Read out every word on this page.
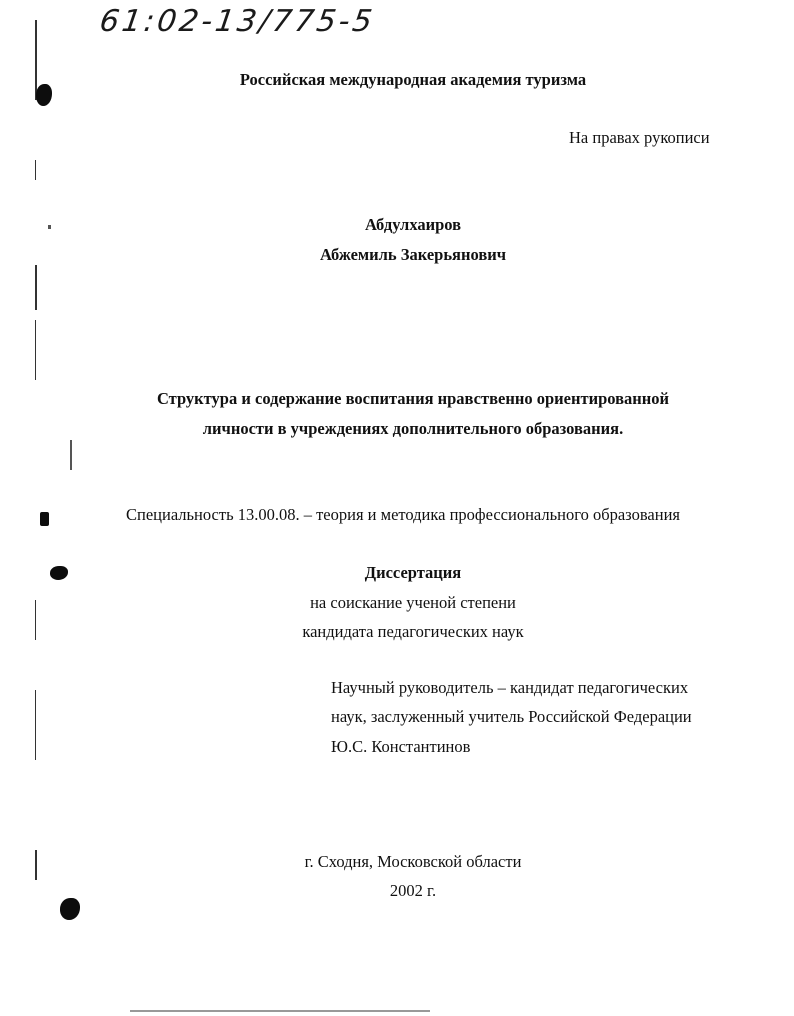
61:02-13/775-5
Российская международная академия туризма
На правах рукописи
Абдулхаиров
Абжемиль Закерьянович
Структура и содержание воспитания нравственно ориентированной
личности в учреждениях дополнительного образования.
Специальность 13.00.08. – теория и методика профессионального образования
Диссертация
на соискание ученой степени
кандидата педагогических наук
Научный руководитель – кандидат педагогических
наук, заслуженный учитель Российской Федерации
Ю.С. Константинов
г. Сходня, Московской области
2002 г.
